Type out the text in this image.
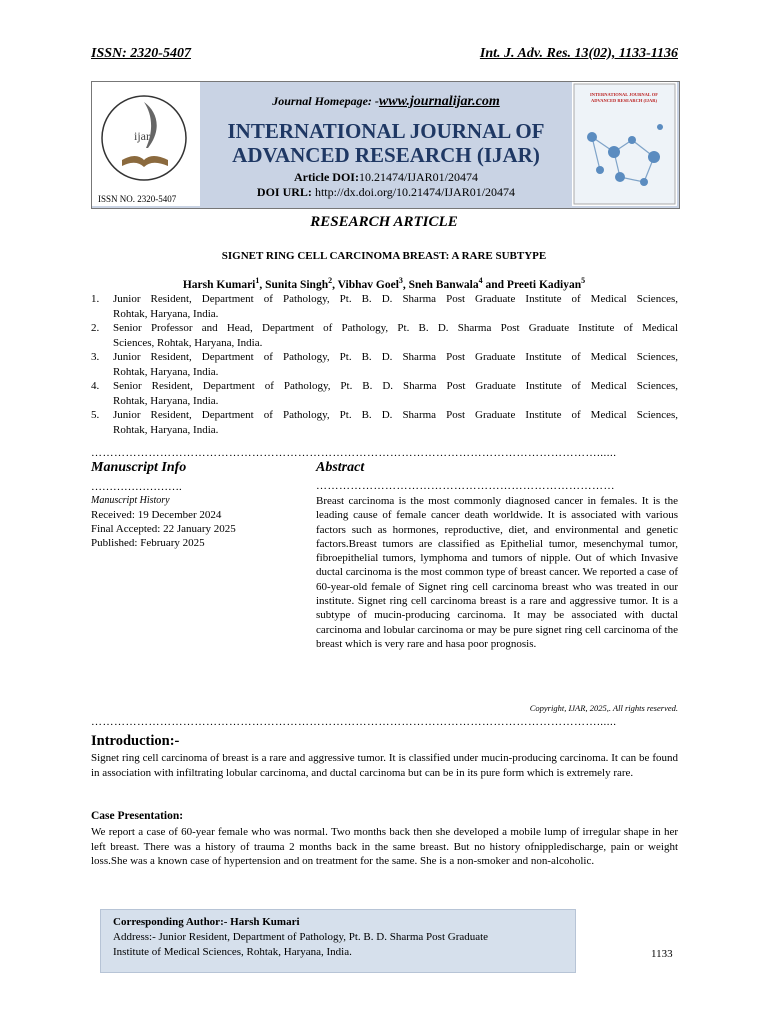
ISSN: 2320-5407	Int. J. Adv. Res. 13(02), 1133-1136
ijar
ISSN NO. 2320-5407
Journal Homepage: -www.journalijar.com
INTERNATIONAL JOURNAL OF
ADVANCED RESEARCH (IJAR)
Article DOI:10.21474/IJAR01/20474
DOI URL: http://dx.doi.org/10.21474/IJAR01/20474
INTERNATIONAL JOURNAL OF
ADVANCED RESEARCH (IJAR)
RESEARCH ARTICLE
SIGNET RING CELL CARCINOMA BREAST: A RARE SUBTYPE
Harsh Kumari$^1$, Sunita Singh$^2$, Vibhav Goel$^3$, Sneh Banwala$^4$ and Preeti Kadiyan$^5$
1. Junior Resident, Department of Pathology, Pt. B. D. Sharma Post Graduate Institute of Medical Sciences,
Rohtak, Haryana, India.
2. Senior Professor and Head, Department of Pathology, Pt. B. D. Sharma Post Graduate Institute of Medical
Sciences, Rohtak, Haryana, India.
3. Junior Resident, Department of Pathology, Pt. B. D. Sharma Post Graduate Institute of Medical Sciences,
Rohtak, Haryana, India.
4. Senior Resident, Department of Pathology, Pt. B. D. Sharma Post Graduate Institute of Medical Sciences,
Rohtak, Haryana, India.
5. Junior Resident, Department of Pathology, Pt. B. D. Sharma Post Graduate Institute of Medical Sciences,
Rohtak, Haryana, India.
……………………………………………………………………………………………………………………......
Manuscript Info
…………………….
Manuscript History
Received: 19 December 2024
Final Accepted: 22 January 2025
Published: February 2025
Abstract
……………………………………………………………………
Breast carcinoma is the most commonly diagnosed cancer in females. It is the leading cause of female cancer death worldwide. It is associated with various factors such as hormones, reproductive, diet, and environmental and genetic factors.Breast tumors are classified as Epithelial tumor, mesenchymal tumor, fibroepithelial tumors, lymphoma and tumors of nipple. Out of which Invasive ductal carcinoma is the most common type of breast cancer. We reported a case of 60-year-old female of Signet ring cell carcinoma breast who was treated in our institute. Signet ring cell carcinoma breast is a rare and aggressive tumor. It is a subtype of mucin-producing carcinoma. It may be associated with ductal carcinoma and lobular carcinoma or may be pure signet ring cell carcinoma of the breast which is very rare and hasa poor prognosis.
Copyright, IJAR, 2025,. All rights reserved.
……………………………………………………………………………………………………………………......
Introduction:-
Signet ring cell carcinoma of breast is a rare and aggressive tumor. It is classified under mucin-producing carcinoma. It can be found in association with infiltrating lobular carcinoma, and ductal carcinoma but can be in its pure form which is extremely rare.
Case Presentation:
We report a case of 60-year female who was normal. Two months back then she developed a mobile lump of irregular shape in her left breast. There was a history of trauma 2 months back in the same breast. But no history ofnippledischarge, pain or weight loss.She was a known case of hypertension and on treatment for the same. She is a non-smoker and non-alcoholic.
Corresponding Author:- Harsh Kumari
Address:- Junior Resident, Department of Pathology, Pt. B. D. Sharma Post Graduate
Institute of Medical Sciences, Rohtak, Haryana, India.	1133
